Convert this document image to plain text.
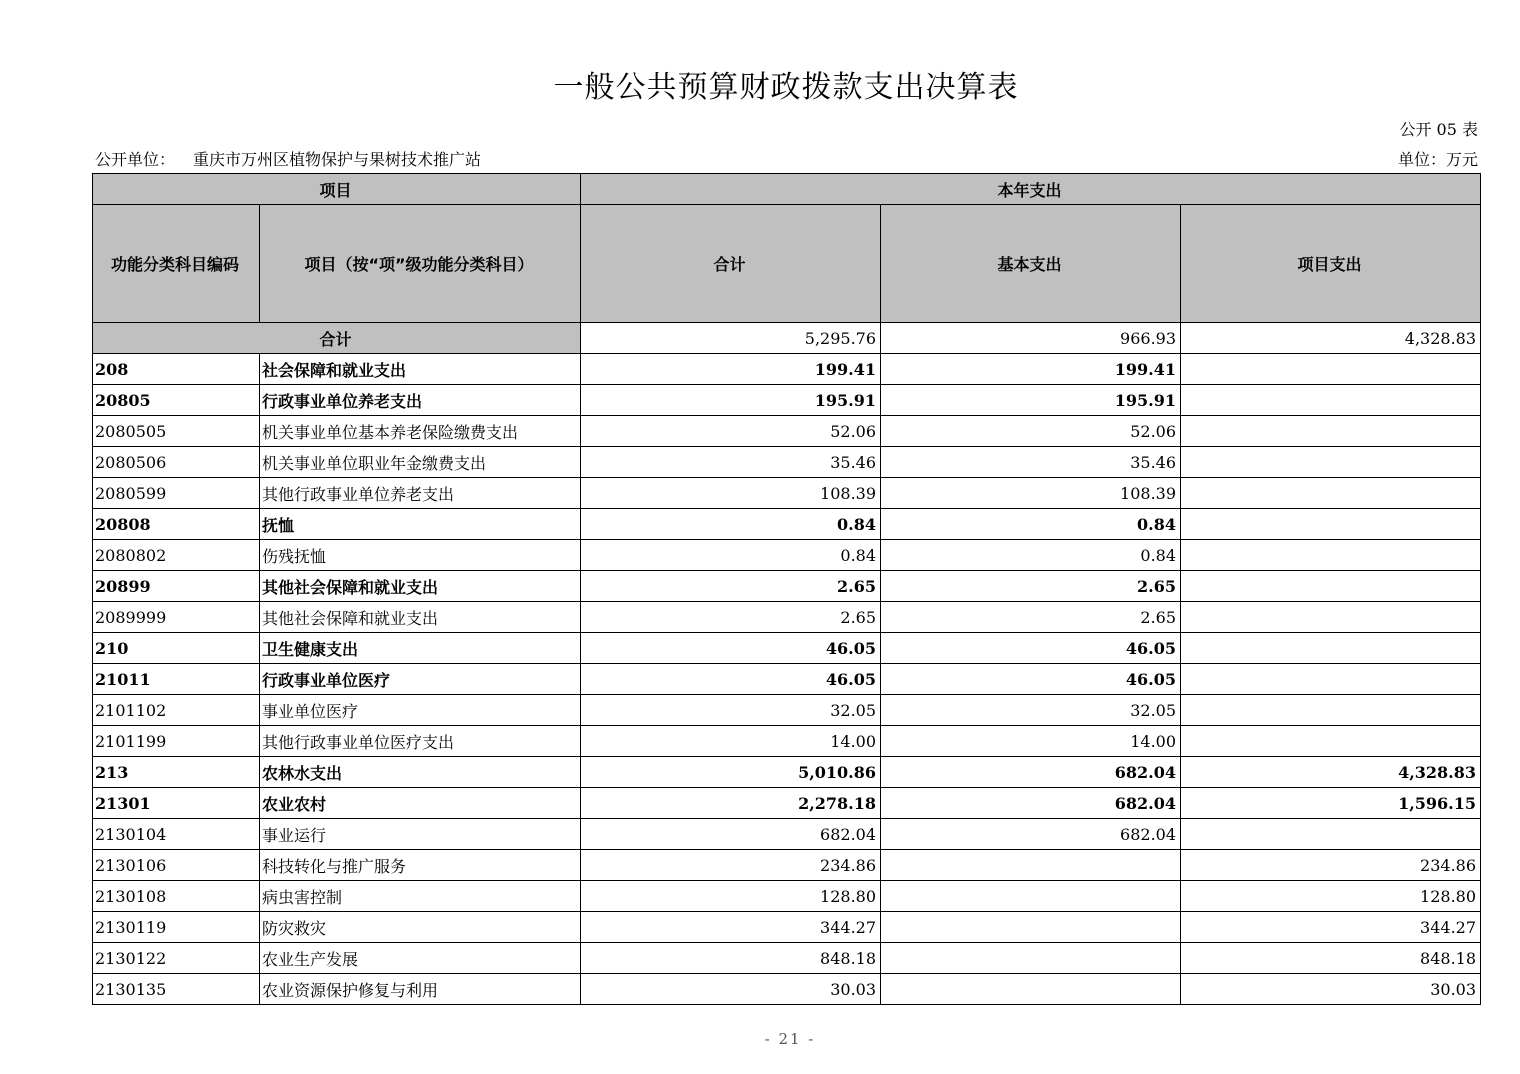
一般公共预算财政拨款支出决算表
公开 05 表
公开单位： 重庆市万州区植物保护与果树技术推广站	单位：万元
项目		本年支出		
功能分类科目编码	项目（按“项”级功能分类科目）	合计	基本支出	项目支出
合计		5,295.76	966.93	4,328.83
208	社会保障和就业支出	199.41	199.41	
20805	行政事业单位养老支出	195.91	195.91	
2080505	机关事业单位基本养老保险缴费支出	52.06	52.06	
2080506	机关事业单位职业年金缴费支出	35.46	35.46	
2080599	其他行政事业单位养老支出	108.39	108.39	
20808	抚恤	0.84	0.84	
2080802	伤残抚恤	0.84	0.84	
20899	其他社会保障和就业支出	2.65	2.65	
2089999	其他社会保障和就业支出	2.65	2.65	
210	卫生健康支出	46.05	46.05	
21011	行政事业单位医疗	46.05	46.05	
2101102	事业单位医疗	32.05	32.05	
2101199	其他行政事业单位医疗支出	14.00	14.00	
213	农林水支出	5,010.86	682.04	4,328.83
21301	农业农村	2,278.18	682.04	1,596.15
2130104	事业运行	682.04	682.04	
2130106	科技转化与推广服务	234.86		234.86
2130108	病虫害控制	128.80		128.80
2130119	防灾救灾	344.27		344.27
2130122	农业生产发展	848.18		848.18
2130135	农业资源保护修复与利用	30.03		30.03
- 21 -
